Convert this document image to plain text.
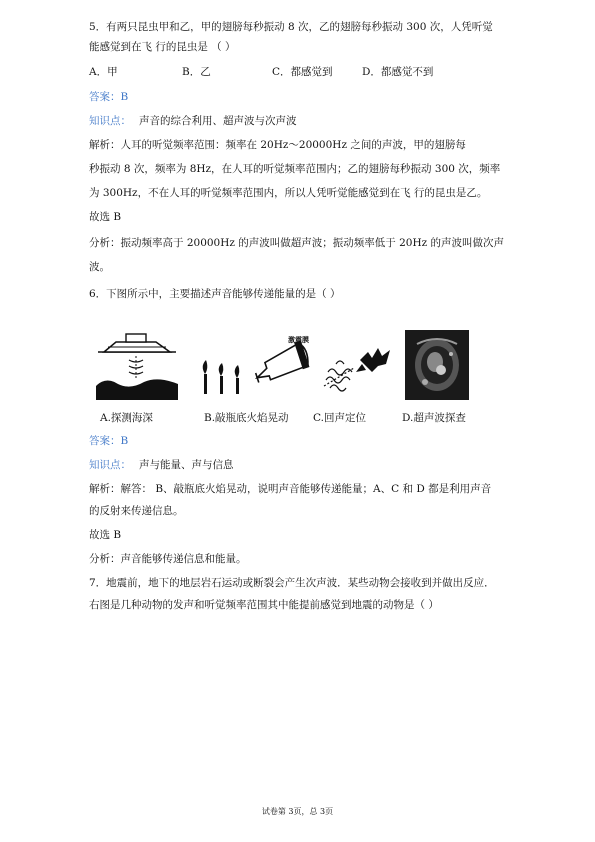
5．有两只昆虫甲和乙，甲的翅膀每秒振动 8 次，乙的翅膀每秒振动 300 次，人凭听觉
能感觉到在飞 行的昆虫是 （ ）
A．甲	B．乙	C．都感觉到	D．都感觉不到
答案：B
知识点： 声音的综合利用、超声波与次声波
解析：人耳的听觉频率范围：频率在 20Hz～20000Hz 之间的声波，甲的翅膀每
秒振动 8 次，频率为 8Hz，在人耳的听觉频率范围内；乙的翅膀每秒振动 300 次，频率
为 300Hz，不在人耳的听觉频率范围内，所以人凭听觉能感觉到在飞 行的昆虫是乙。
故选 B
分析：振动频率高于 20000Hz 的声波叫做超声波；振动频率低于 20Hz 的声波叫做次声
波。
6．下图所示中，主要描述声音能够传递能量的是（ ）
激震膜
A.探测海深	B.敲瓶底火焰晃动 C.回声定位	D.超声波探查
答案：B
知识点： 声与能量、声与信息
解析：解答： B、敲瓶底火焰晃动，说明声音能够传递能量；A、C 和 D 都是利用声音
的反射来传递信息。
故选 B
分析：声音能够传递信息和能量。
7．地震前，地下的地层岩石运动或断裂会产生次声波．某些动物会接收到并做出反应．
右图是几种动物的发声和听觉频率范围其中能提前感觉到地震的动物是（ ）
试卷第 3页，总 3页
